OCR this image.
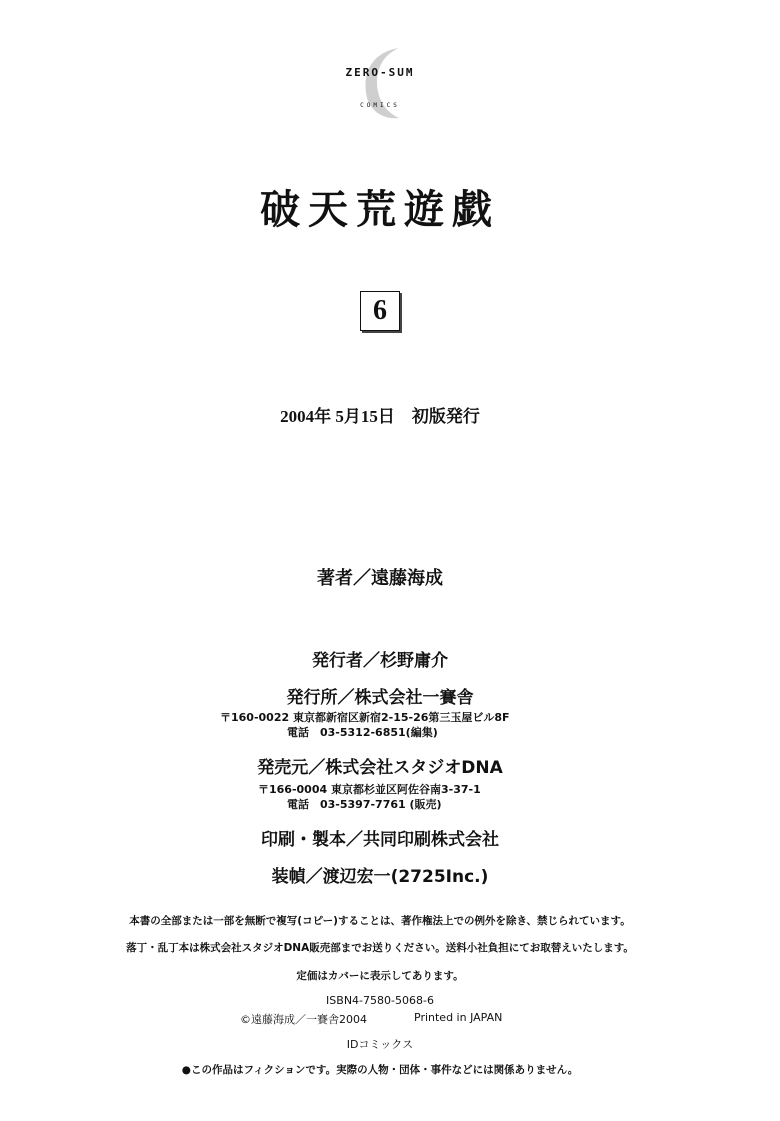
ZERO-SUM
COMICS
破天荒遊戯
6
2004年 5月15日　初版発行
著者／遠藤海成
発行者／杉野庸介
発行所／株式会社一賽舎
〒160-0022 東京都新宿区新宿2-15-26第三玉屋ビル8F
電話　03-5312-6851(編集)
発売元／株式会社スタジオDNA
〒166-0004 東京都杉並区阿佐谷南3-37-1
電話　03-5397-7761 (販売)
印刷・製本／共同印刷株式会社
装幀／渡辺宏一(2725Inc.)
本書の全部または一部を無断で複写(コピー)することは、著作権法上での例外を除き、禁じられています。
落丁・乱丁本は株式会社スタジオDNA販売部までお送りください。送料小社負担にてお取替えいたします。
定価はカバーに表示してあります。
ISBN4-7580-5068-6
©遠藤海成／一賽舎2004	Printed in JAPAN
IDコミックス
●この作品はフィクションです。実際の人物・団体・事件などには関係ありません。
